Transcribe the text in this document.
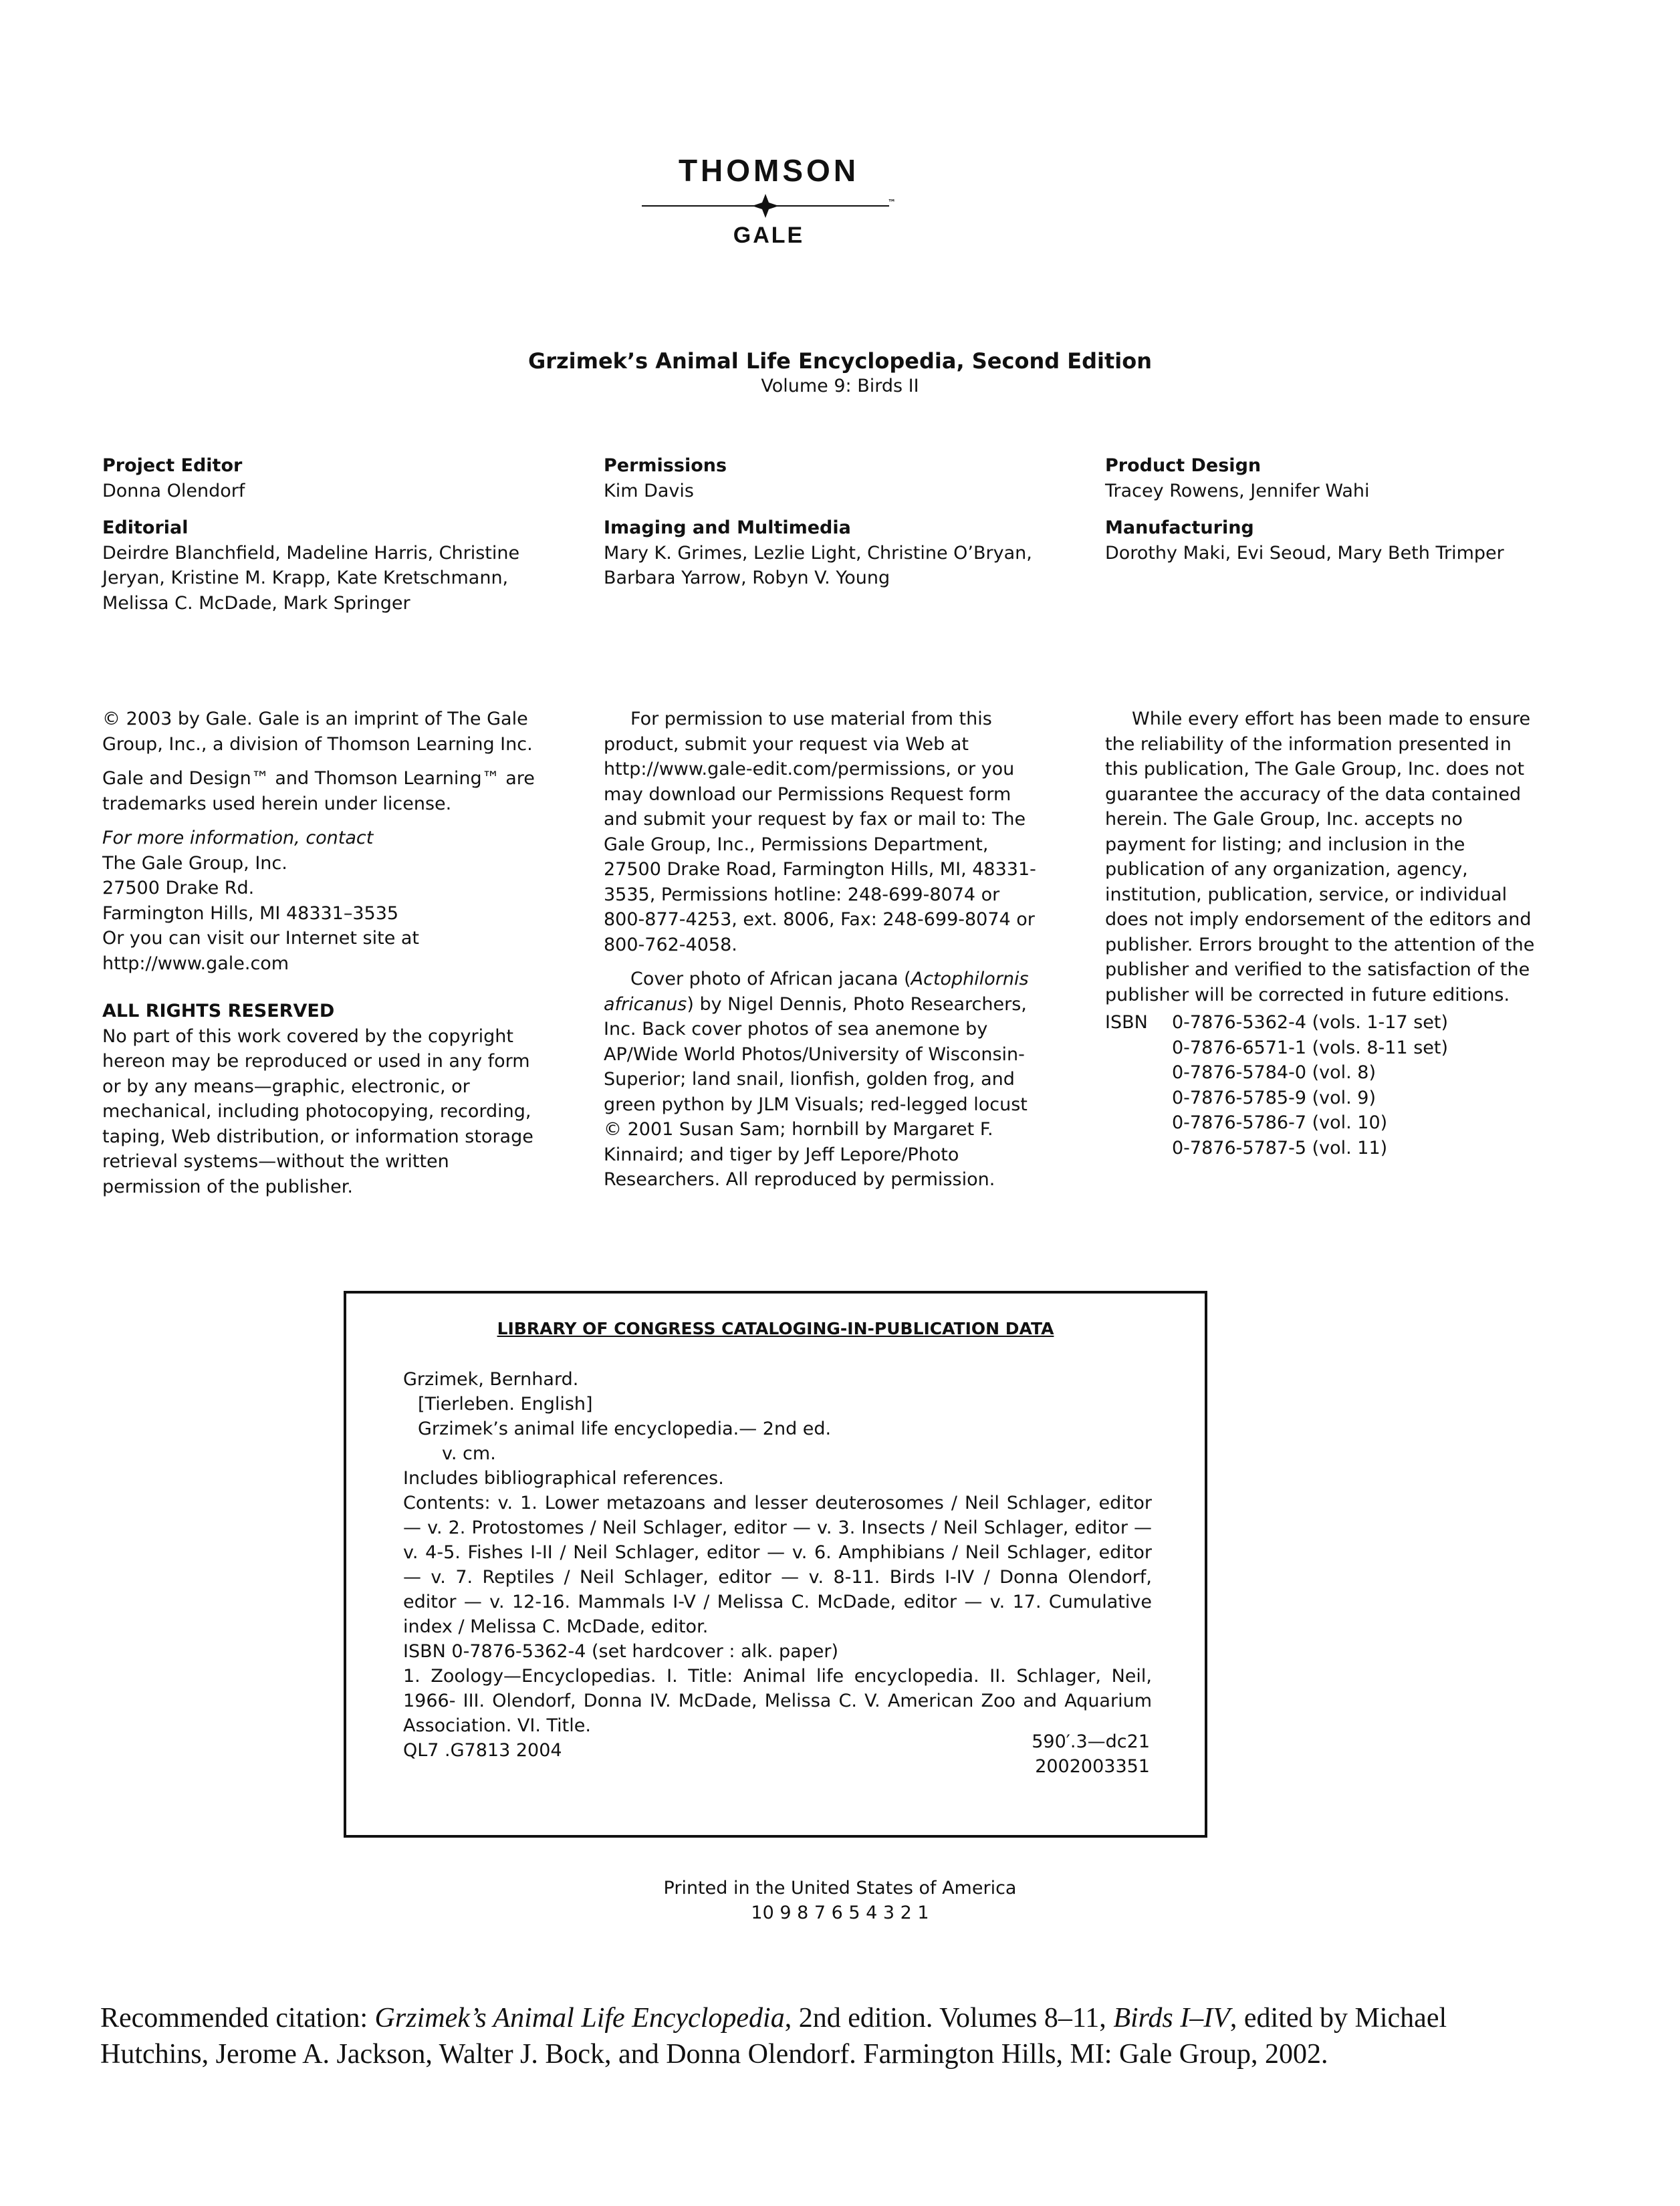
THOMSON
™
GALE
Grzimek’s Animal Life Encyclopedia, Second Edition
Volume 9: Birds II
Project Editor
Donna Olendorf
Editorial
Deirdre Blanchfield, Madeline Harris, Christine Jeryan, Kristine M. Krapp, Kate Kretschmann, Melissa C. McDade, Mark Springer
Permissions
Kim Davis
Imaging and Multimedia
Mary K. Grimes, Lezlie Light, Christine O’Bryan, Barbara Yarrow, Robyn V. Young
Product Design
Tracey Rowens, Jennifer Wahi
Manufacturing
Dorothy Maki, Evi Seoud, Mary Beth Trimper

© 2003 by Gale. Gale is an imprint of The Gale Group, Inc., a division of Thomson Learning Inc.

Gale and Design™ and Thomson Learning™ are trademarks used herein under license.

For more information, contact
The Gale Group, Inc.
27500 Drake Rd.
Farmington Hills, MI 48331–3535
Or you can visit our Internet site at
http://www.gale.com
ALL RIGHTS RESERVED
No part of this work covered by the copyright hereon may be reproduced or used in any form or by any means—graphic, electronic, or mechanical, including photocopying, recording, taping, Web distribution, or information storage retrieval systems—without the written permission of the publisher.

For permission to use material from this product, submit your request via Web at http://www.gale-edit.com/permissions, or you may download our Permissions Request form and submit your request by fax or mail to: The Gale Group, Inc., Permissions Department, 27500 Drake Road, Farmington Hills, MI, 48331-3535, Permissions hotline: 248-699-8074 or 800-877-4253, ext. 8006, Fax: 248-699-8074 or 800-762-4058.

Cover photo of African jacana (Actophilornis africanus) by Nigel Dennis, Photo Researchers, Inc. Back cover photos of sea anemone by AP/Wide World Photos/University of Wisconsin-Superior; land snail, lionfish, golden frog, and green python by JLM Visuals; red-legged locust © 2001 Susan Sam; hornbill by Margaret F. Kinnaird; and tiger by Jeff Lepore/Photo Researchers. All reproduced by permission.

While every effort has been made to ensure the reliability of the information presented in this publication, The Gale Group, Inc. does not guarantee the accuracy of the data contained herein. The Gale Group, Inc. accepts no payment for listing; and inclusion in the publication of any organization, agency, institution, publication, service, or individual does not imply endorsement of the editors and publisher. Errors brought to the attention of the publisher and verified to the satisfaction of the publisher will be corrected in future editions.

ISBN	0-7876-5362-4 (vols. 1-17 set)
0-7876-6571-1 (vols. 8-11 set)
0-7876-5784-0 (vol. 8)
0-7876-5785-9 (vol. 9)
0-7876-5786-7 (vol. 10)
0-7876-5787-5 (vol. 11)
LIBRARY OF CONGRESS CATALOGING-IN-PUBLICATION DATA
Grzimek, Bernhard.
[Tierleben. English]
Grzimek’s animal life encyclopedia.— 2nd ed.
v. cm.
Includes bibliographical references.
Contents: v. 1. Lower metazoans and lesser deuterosomes / Neil Schlager, editor — v. 2. Protostomes / Neil Schlager, editor — v. 3. Insects / Neil Schlager, editor — v. 4-5. Fishes I-II / Neil Schlager, editor — v. 6. Amphibians / Neil Schlager, editor — v. 7. Reptiles / Neil Schlager, editor — v. 8-11. Birds I-IV / Donna Olendorf, editor — v. 12-16. Mammals I-V / Melissa C. McDade, editor — v. 17. Cumulative index / Melissa C. McDade, editor.
ISBN 0-7876-5362-4 (set hardcover : alk. paper)
1. Zoology—Encyclopedias. I. Title: Animal life encyclopedia. II. Schlager, Neil, 1966- III. Olendorf, Donna IV. McDade, Melissa C. V. American Zoo and Aquarium Association. VI. Title.
QL7 .G7813 2004	590′.3—dc21
2002003351
Printed in the United States of America
10 9 8 7 6 5 4 3 2 1
Recommended citation: Grzimek’s Animal Life Encyclopedia, 2nd edition. Volumes 8–11, Birds I–IV, edited by Michael Hutchins, Jerome A. Jackson, Walter J. Bock, and Donna Olendorf. Farmington Hills, MI: Gale Group, 2002.
